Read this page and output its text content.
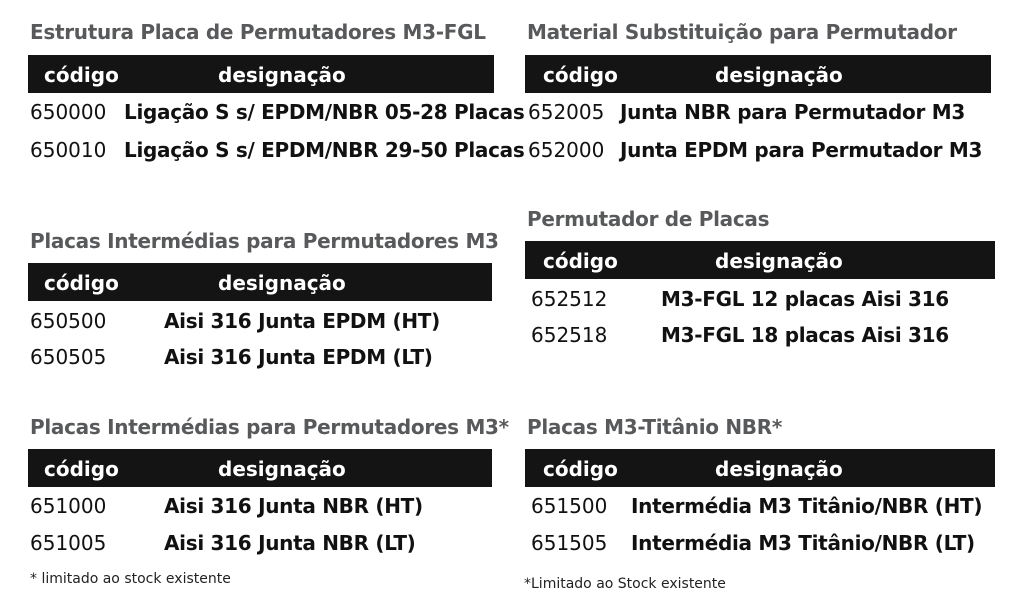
Estrutura Placa de Permutadores M3-FGL
código	designação
650000 Ligação S s/ EPDM/NBR 05-28 Placas
650010 Ligação S s/ EPDM/NBR 29-50 Placas
Placas Intermédias para Permutadores M3
código	designação
650500	Aisi 316 Junta EPDM (HT)
650505	Aisi 316 Junta EPDM (LT)
Placas Intermédias para Permutadores M3*
código	designação
651000	Aisi 316 Junta NBR (HT)
651005	Aisi 316 Junta NBR (LT)
* limitado ao stock existente
Material Substituição para Permutador
código	designação
652005 Junta NBR para Permutador M3
652000 Junta EPDM para Permutador M3
Permutador de Placas
código	designação
652512	M3-FGL 12 placas Aisi 316
652518	M3-FGL 18 placas Aisi 316
Placas M3-Titânio NBR*
código	designação
651500 Intermédia M3 Titânio/NBR (HT)
651505 Intermédia M3 Titânio/NBR (LT)
*Limitado ao Stock existente
